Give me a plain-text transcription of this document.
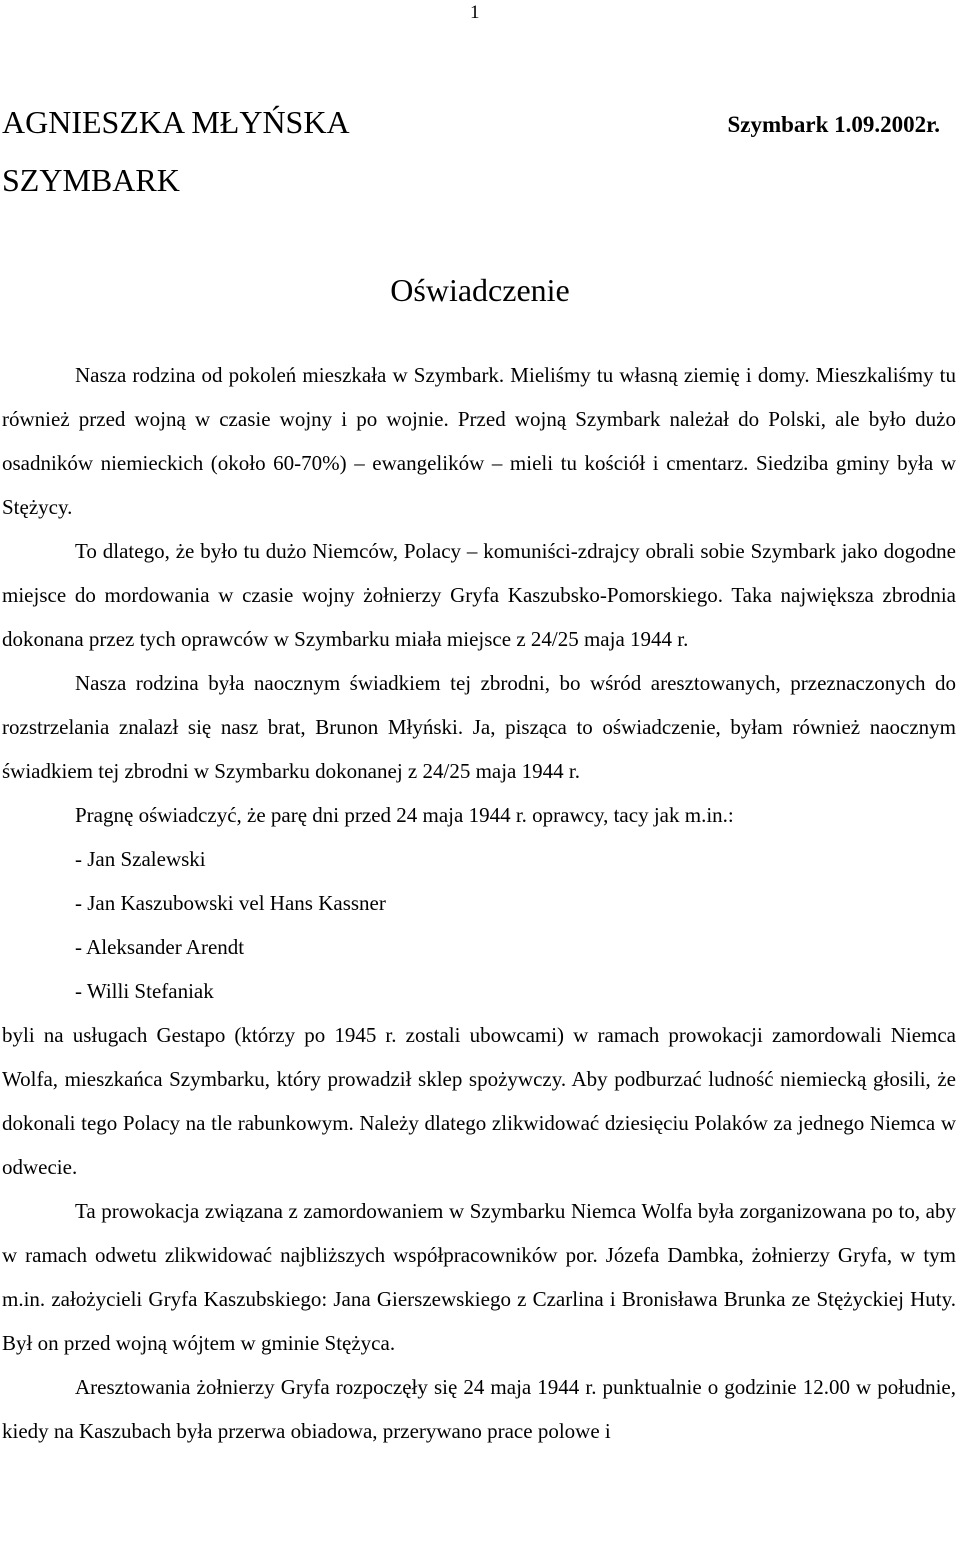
1
AGNIESZKA MŁYŃSKA	Szymbark 1.09.2002r.
SZYMBARK
Oświadczenie

Nasza rodzina od pokoleń mieszkała w Szymbark. Mieliśmy tu własną ziemię i domy. Mieszkaliśmy tu również przed wojną w czasie wojny i po wojnie. Przed wojną Szymbark należał do Polski, ale było dużo osadników niemieckich (około 60-70%) – ewangelików – mieli tu kościół i cmentarz. Siedziba gminy była w Stężycy.

To dlatego, że było tu dużo Niemców, Polacy – komuniści-zdrajcy obrali sobie Szymbark jako dogodne miejsce do mordowania w czasie wojny żołnierzy Gryfa Kaszubsko-Pomorskiego. Taka największa zbrodnia dokonana przez tych oprawców w Szymbarku miała miejsce z 24/25 maja 1944 r.

Nasza rodzina była naocznym świadkiem tej zbrodni, bo wśród aresztowanych, przeznaczonych do rozstrzelania znalazł się nasz brat, Brunon Młyński. Ja, pisząca to oświadczenie, byłam również naocznym świadkiem tej zbrodni w Szymbarku dokonanej z 24/25 maja 1944 r.

Pragnę oświadczyć, że parę dni przed 24 maja 1944 r. oprawcy, tacy jak m.in.:

- Jan Szalewski
- Jan Kaszubowski vel Hans Kassner
- Aleksander Arendt
- Willi Stefaniak

byli na usługach Gestapo (którzy po 1945 r. zostali ubowcami) w ramach prowokacji zamordowali Niemca Wolfa, mieszkańca Szymbarku, który prowadził sklep spożywczy. Aby podburzać ludność niemiecką głosili, że dokonali tego Polacy na tle rabunkowym. Należy dlatego zlikwidować dziesięciu Polaków za jednego Niemca w odwecie.

Ta prowokacja związana z zamordowaniem w Szymbarku Niemca Wolfa była zorganizowana po to, aby w ramach odwetu zlikwidować najbliższych współpracowników por. Józefa Dambka, żołnierzy Gryfa, w tym m.in. założycieli Gryfa Kaszubskiego: Jana Gierszewskiego z Czarlina i Bronisława Brunka ze Stężyckiej Huty. Był on przed wojną wójtem w gminie Stężyca.

Aresztowania żołnierzy Gryfa rozpoczęły się 24 maja 1944 r. punktualnie o godzinie 12.00 w południe, kiedy na Kaszubach była przerwa obiadowa, przerywano prace polowe i
